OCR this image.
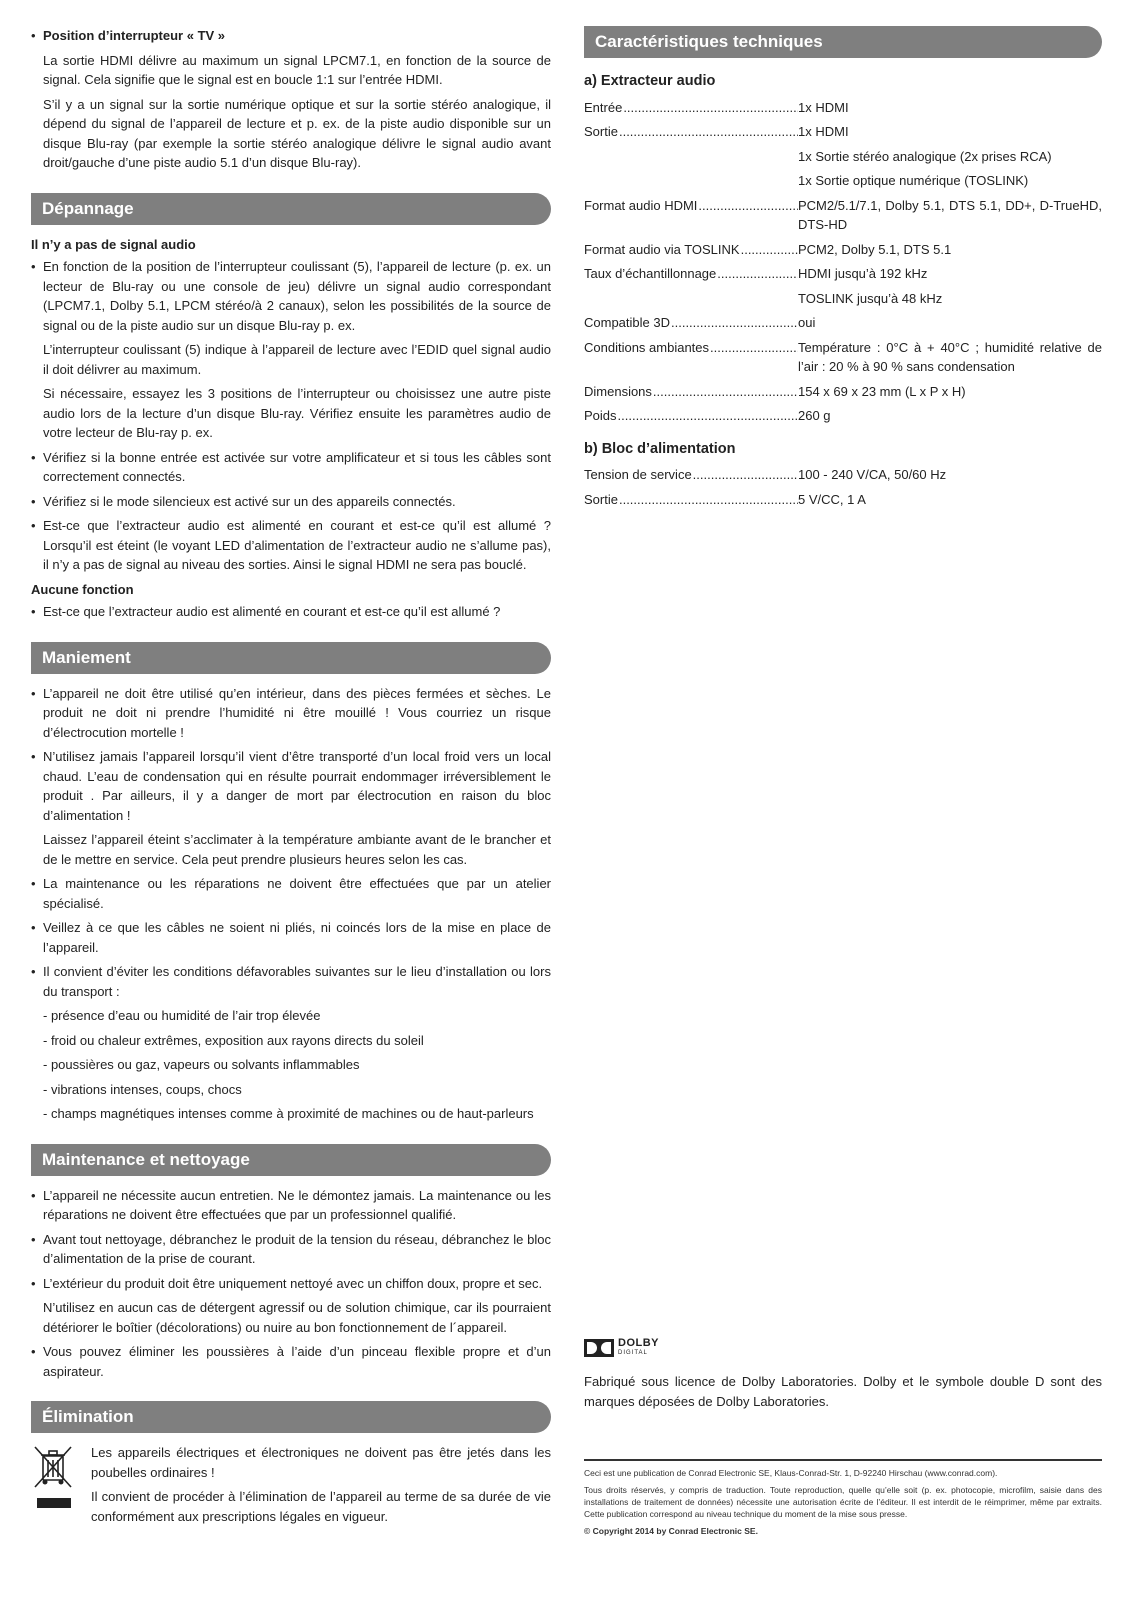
• Position d’interrupteur « TV »

La sortie HDMI délivre au maximum un signal LPCM7.1, en fonction de la source de signal. Cela signifie que le signal est en boucle 1:1 sur l’entrée HDMI.

S’il y a un signal sur la sortie numérique optique et sur la sortie stéréo analogique, il dépend du signal de l’appareil de lecture et p. ex. de la piste audio disponible sur un disque Blu-ray (par exemple la sortie stéréo analogique délivre le signal audio avant droit/gauche d’une piste audio 5.1 d’un disque Blu-ray).

Dépannage
Il n’y a pas de signal audio

• En fonction de la position de l’interrupteur coulissant (5), l’appareil de lecture (p. ex. un lecteur de Blu-ray ou une console de jeu) délivre un signal audio correspondant (LPCM7.1, Dolby 5.1, LPCM stéréo/à 2 canaux), selon les possibilités de la source de signal ou de la piste audio sur un disque Blu-ray p. ex.

L’interrupteur coulissant (5) indique à l’appareil de lecture avec l’EDID quel signal audio il doit délivrer au maximum.

Si nécessaire, essayez les 3 positions de l’interrupteur ou choisissez une autre piste audio lors de la lecture d’un disque Blu-ray. Vérifiez ensuite les paramètres audio de votre lecteur de Blu-ray p. ex.

• Vérifiez si la bonne entrée est activée sur votre amplificateur et si tous les câbles sont correctement connectés.

• Vérifiez si le mode silencieux est activé sur un des appareils connectés.

• Est-ce que l’extracteur audio est alimenté en courant et est-ce qu’il est allumé ? Lorsqu’il est éteint (le voyant LED d’alimentation de l’extracteur audio ne s’allume pas), il n’y a pas de signal au niveau des sorties. Ainsi le signal HDMI ne sera pas bouclé.

Aucune fonction

• Est-ce que l’extracteur audio est alimenté en courant et est-ce qu’il est allumé ?

Maniement

• L’appareil ne doit être utilisé qu’en intérieur, dans des pièces fermées et sèches. Le produit ne doit ni prendre l’humidité ni être mouillé ! Vous courriez un risque d’électrocution mortelle !

• N’utilisez jamais l’appareil lorsqu’il vient d’être transporté d’un local froid vers un local chaud. L’eau de condensation qui en résulte pourrait endommager irréversiblement le produit . Par ailleurs, il y a danger de mort par électrocution en raison du bloc d’alimentation !

Laissez l’appareil éteint s’acclimater à la température ambiante avant de le brancher et de le mettre en service. Cela peut prendre plusieurs heures selon les cas.

• La maintenance ou les réparations ne doivent être effectuées que par un atelier spécialisé.

• Veillez à ce que les câbles ne soient ni pliés, ni coincés lors de la mise en place de l’appareil.

• Il convient d’éviter les conditions défavorables suivantes sur le lieu d’installation ou lors du transport :

- présence d’eau ou humidité de l’air trop élevée
- froid ou chaleur extrêmes, exposition aux rayons directs du soleil
- poussières ou gaz, vapeurs ou solvants inflammables
- vibrations intenses, coups, chocs
- champs magnétiques intenses comme à proximité de machines ou de haut-parleurs
Maintenance et nettoyage

• L’appareil ne nécessite aucun entretien. Ne le démontez jamais. La maintenance ou les réparations ne doivent être effectuées que par un professionnel qualifié.

• Avant tout nettoyage, débranchez le produit de la tension du réseau, débranchez le bloc d’alimentation de la prise de courant.

• L’extérieur du produit doit être uniquement nettoyé avec un chiffon doux, propre et sec.

N’utilisez en aucun cas de détergent agressif ou de solution chimique, car ils pourraient détériorer le boîtier (décolorations) ou nuire au bon fonctionnement de l´appareil.

• Vous pouvez éliminer les poussières à l’aide d’un pinceau flexible propre et d’un aspirateur.

Élimination

Les appareils électriques et électroniques ne doivent pas être jetés dans les poubelles ordinaires !

Il convient de procéder à l’élimination de l’appareil au terme de sa durée de vie conformément aux prescriptions légales en vigueur.

Caractéristiques techniques
a) Extracteur audio
Entrée .....	1x HDMI
Sortie .....	1x HDMI
1x Sortie stéréo analogique (2x prises RCA)
1x Sortie optique numérique (TOSLINK)
Format audio HDMI .....	PCM2/5.1/7.1, Dolby 5.1, DTS 5.1, DD+, D-TrueHD, DTS-HD
Format audio via TOSLINK .....	PCM2, Dolby 5.1, DTS 5.1
Taux d’échantillonnage .....	HDMI jusqu’à 192 kHz
TOSLINK jusqu’à 48 kHz
Compatible 3D .....	oui
Conditions ambiantes .....	Température : 0°C à + 40°C ; humidité relative de l’air : 20 % à 90 % sans condensation
Dimensions .....	154 x 69 x 23 mm (L x P x H)
Poids .....	260 g
b) Bloc d’alimentation
Tension de service .....	100 - 240 V/CA, 50/60 Hz
Sortie .....	5 V/CC, 1 A
DOLBY
DIGITAL

Fabriqué sous licence de Dolby Laboratories. Dolby et le symbole double D sont des marques déposées de Dolby Laboratories.

Ceci est une publication de Conrad Electronic SE, Klaus-Conrad-Str. 1, D-92240 Hirschau (www.conrad.com).

Tous droits réservés, y compris de traduction. Toute reproduction, quelle qu’elle soit (p. ex. photocopie, microfilm, saisie dans des installations de traitement de données) nécessite une autorisation écrite de l’éditeur. Il est interdit de le réimprimer, même par extraits. Cette publication correspond au niveau technique du moment de la mise sous presse.

© Copyright 2014 by Conrad Electronic SE.
